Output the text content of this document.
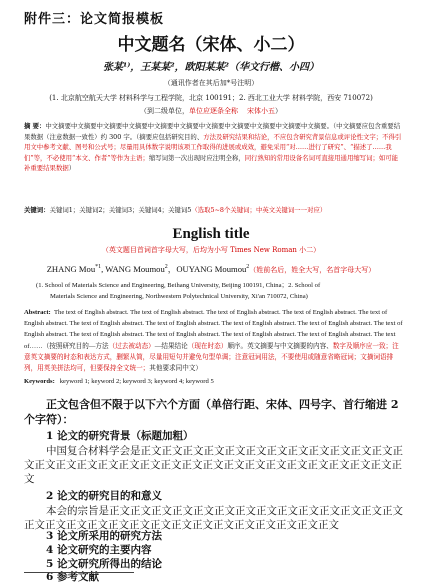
附件三：论文简报模板
中文题名（宋体、小二）
张某¹⁾，王某某²，欧阳某某²（华文行楷、小四）
（通讯作者在其后加*号注明）
(1. 北京航空航天大学 材料科学与工程学院，北京 100191；2. 西北工业大学 材料学院，西安 710072)
（到二级单位，单位应逐条全称 宋体小五）
摘 要：中文摘要中文摘要中文摘要中文摘要中文摘要中文摘要中文摘要中文摘要中文摘要中文摘要中文摘要。（中文摘要应包含重要结果数据（注意数据一致性）约 300 字。（摘要应包括研究目的、方法及研究结果和结论，不应包含研究背景信息或评论性文字；不得引用文中参考文献、图号和公式号；尽量用具体数字说明该项工作取得的进展或成效，避免采用“对……进行了研究”、“描述了……我们”等，不必使用“本文、作者”等作为主语；缩写词第一次出现时应注明全称，同行熟知的常用设备名词可直接用通用缩写词；如可能补重要结果数据）
关键词：关键词1；关键词2；关键词3；关键词4；关键词5（选取5~8个关键词；中英文关键词一一对应）
English title
（英文题目首词首字母大写，后均为小写 Times New Roman 小二）
ZHANG Mou$^{*1}$, WANG Moumou$^2$，OUYANG Moumou$^2$（姓前名后，姓全大写，名首字母大写）
(1. School of Materials Science and Engineering, Beihang University, Beijing 100191, China；2. School of
Materials Science and Engineering, Northwestern Polytechnical University, Xi'an 710072, China)
Abstract: The text of English abstract. The text of English abstract. The text of English abstract. The text of English abstract. The text of English abstract. The text of English abstract. The text of English abstract. The text of English abstract. The text of English abstract. The text of English abstract. The text of English abstract. The text of English abstract. The text of English abstract. The text of English abstract. The text of……（按照研究目的—方法（过去被动态）—结果结论（现在时态）顺序。英文摘要与中文摘要的内容、数字及顺序应一致；注意英文摘要的时态和表达方式，删繁从简，尽量用短句并避免句型单调；注意冠词用法，不要使用或随意省略冠词；文摘词语排列，用英美拼法均可，但要保持全文统一；其他要求同中文）
Keywords: keyword 1; keyword 2; keyword 3; keyword 4; keyword 5
正文包含但不限于以下六个方面（单倍行距、宋体、四号字、首行缩进 2 个字符）：
1 论文的研究背景（标题加粗）
中国复合材料学会是正文正文正文正文正文正文正文正文正文正文正文正文正文正文正文正文正文正文正文正文正文正文正文正文正文正文正文正文正文正文正文
2 论文的研究目的和意义
本会的宗旨是正文正文正文正文正文正文正文正文正文正文正文正文正文正文正文正文正文正文正文正文正文正文正文正文正文正文正文正文正文
3 论文所采用的研究方法
4 论文研究的主要内容
5 论文研究所得出的结论
6 参考文献
